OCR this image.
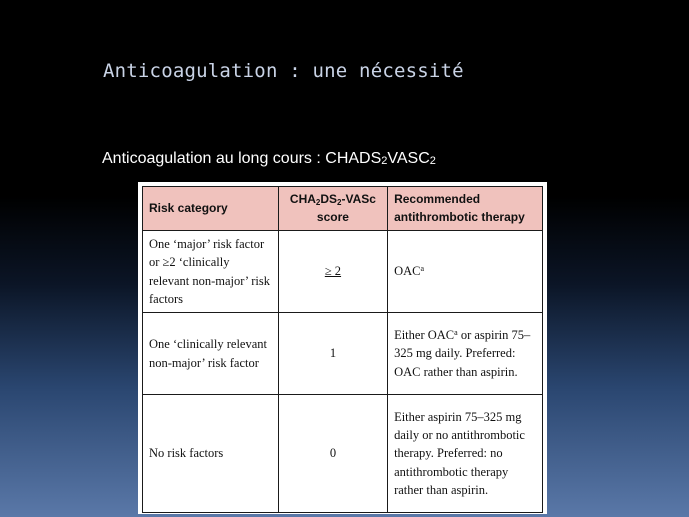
Anticoagulation : une nécessité
Anticoagulation au long cours : $CHADS_2VASC_2$
Risk category	CHA2DS2-VASc score	Recommended antithrombotic therapy
One ‘major’ risk factor or ≥2 ‘clinically relevant non-major’ risk factors	≥ 2	OAC$^a$
One ‘clinically relevant non-major’ risk factor	1	Either OAC$^a$ or aspirin 75–325 mg daily. Preferred: OAC rather than aspirin.
No risk factors	0	Either aspirin 75–325 mg daily or no antithrombotic therapy. Preferred: no antithrombotic therapy rather than aspirin.
